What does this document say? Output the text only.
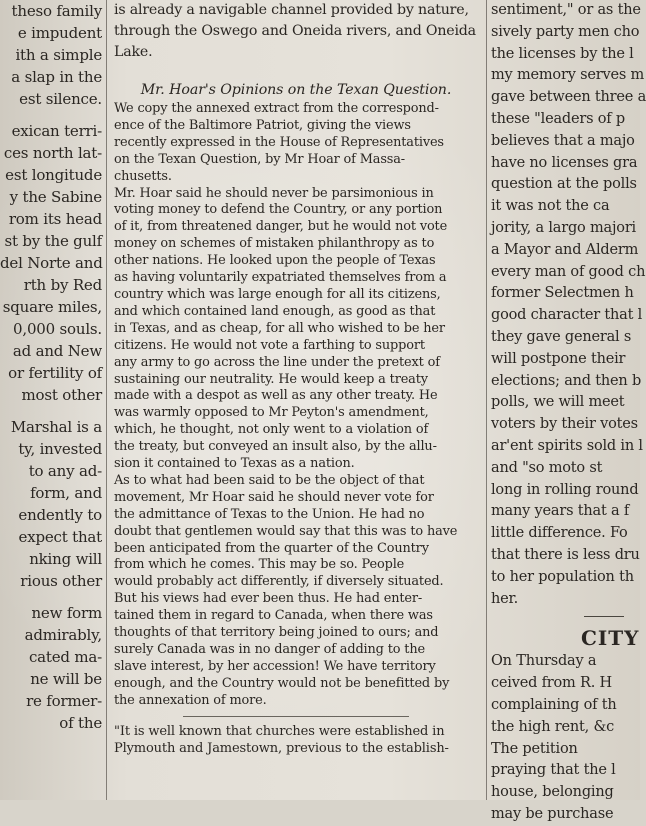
theso family
e impudent
ith a simple
a slap in the
est silence.
exican terri-
ces north lat-
est longitude
y the Sabine
rom its head
st by the gulf
del Norte and
rth by Red
square miles,
0,000 souls.
ad and New
or fertility of
most other
Marshal is a
ty, invested
to any ad-
form, and
endently to
expect that
nking will
rious other
new form
admirably,
cated ma-
ne will be
re former-
of the
is already a navigable channel provided by nature,
through the Oswego and Oneida rivers, and Oneida
Lake.
Mr. Hoar's Opinions on the Texan Question.
We copy the annexed extract from the correspond-
ence of the Baltimore Patriot, giving the views
recently expressed in the House of Representatives
on the Texan Question, by Mr Hoar of Massa-
chusetts.
Mr. Hoar said he should never be parsimonious in
voting money to defend the Country, or any portion
of it, from threatened danger, but he would not vote
money on schemes of mistaken philanthropy as to
other nations. He looked upon the people of Texas
as having voluntarily expatriated themselves from a
country which was large enough for all its citizens,
and which contained land enough, as good as that
in Texas, and as cheap, for all who wished to be her
citizens. He would not vote a farthing to support
any army to go across the line under the pretext of
sustaining our neutrality. He would keep a treaty
made with a despot as well as any other treaty. He
was warmly opposed to Mr Peyton's amendment,
which, he thought, not only went to a violation of
the treaty, but conveyed an insult also, by the allu-
sion it contained to Texas as a nation.
As to what had been said to be the object of that
movement, Mr Hoar said he should never vote for
the admittance of Texas to the Union. He had no
doubt that gentlemen would say that this was to have
been anticipated from the quarter of the Country
from which he comes. This may be so. People
would probably act differently, if diversely situated.
But his views had ever been thus. He had enter-
tained them in regard to Canada, when there was
thoughts of that territory being joined to ours; and
surely Canada was in no danger of adding to the
slave interest, by her accession! We have territory
enough, and the Country would not be benefitted by
the annexation of more.
"It is well known that churches were established in
Plymouth and Jamestown, previous to the establish-
sentiment," or as the
sively party men cho
the licenses by the l
my memory serves m
gave between three a
these "leaders of p
believes that a majo
have no licenses gra
question at the polls
it was not the ca
jority, a largo majori
a Mayor and Alderm
every man of good ch
former Selectmen h
good character that l
they gave general s
will postpone their
elections; and then b
polls, we will meet
voters by their votes
ar'ent spirits sold in l
and "so moto st
long in rolling round
many years that a f
little difference. Fo
that there is less dru
to her population th
her.
CITY
On Thursday a
ceived from R. H
complaining of th
the high rent, &c
The petition
praying that the l
house, belonging
may be purchase
